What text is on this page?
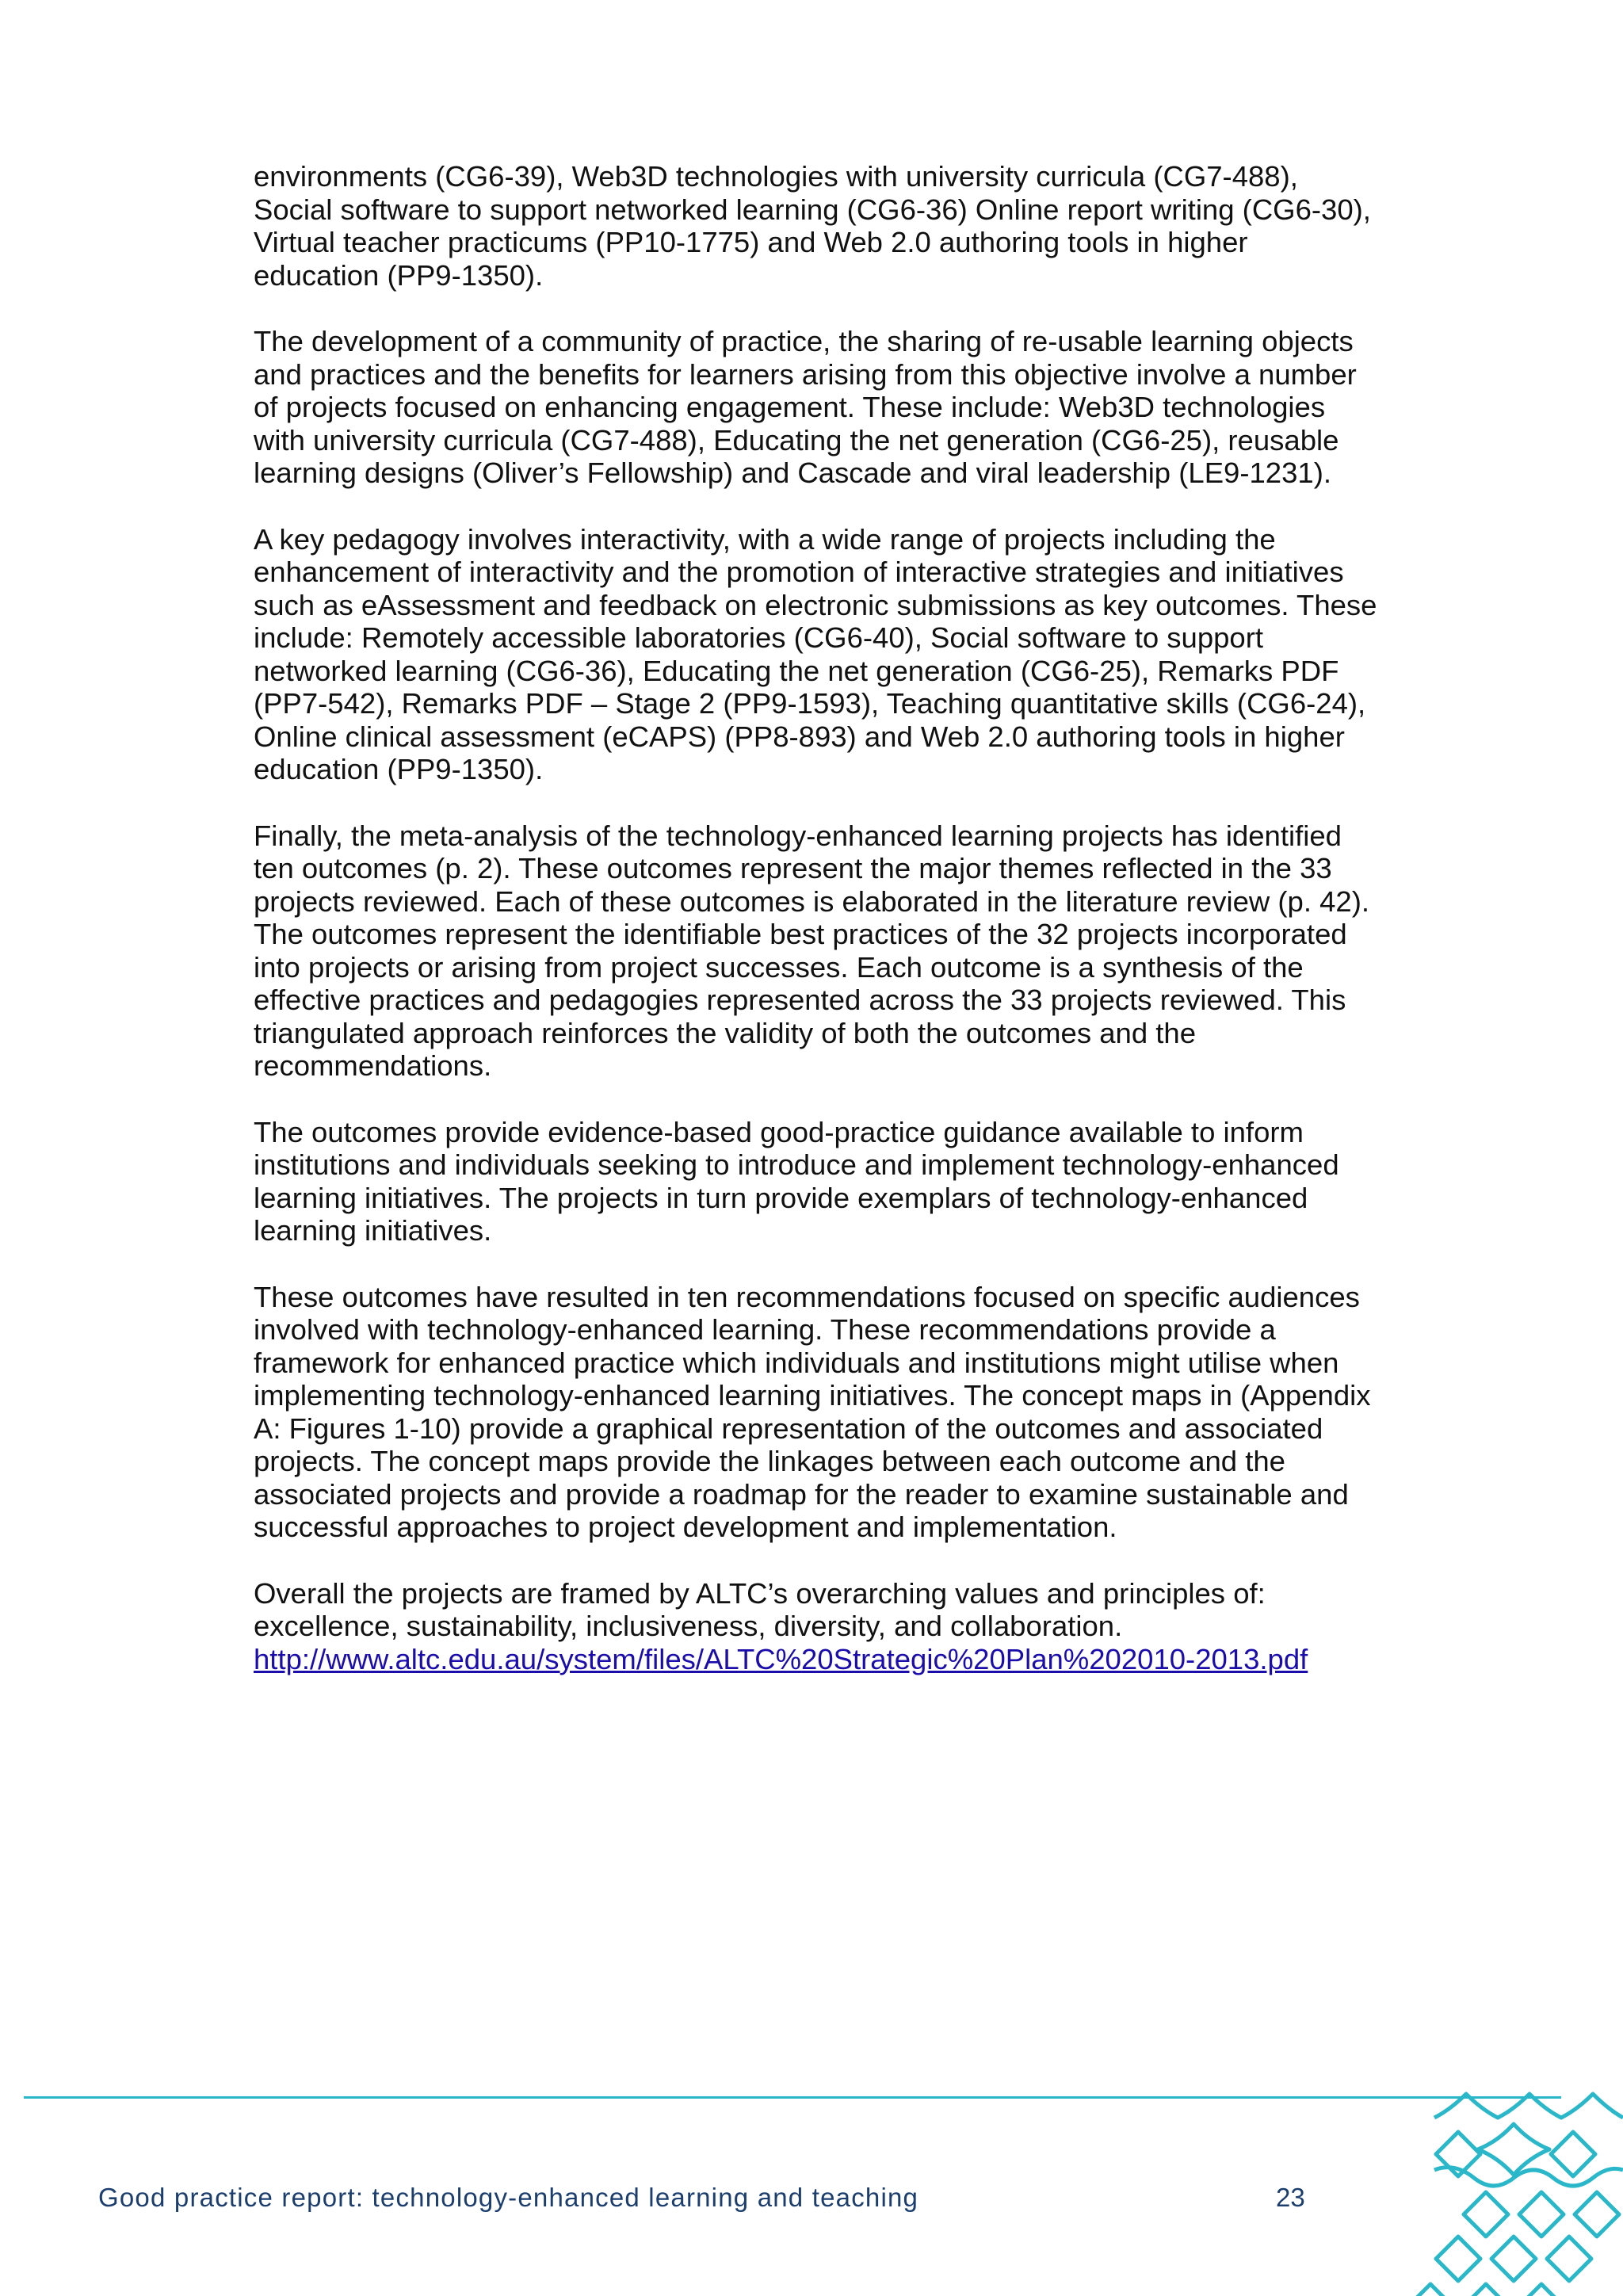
environments (CG6-39), Web3D technologies with university curricula (CG7-488), Social software to support networked learning (CG6-36) Online report writing (CG6-30), Virtual teacher practicums (PP10-1775) and Web 2.0 authoring tools in higher education (PP9-1350).

The development of a community of practice, the sharing of re-usable learning objects and practices and the benefits for learners arising from this objective involve a number of projects focused on enhancing engagement. These include: Web3D technologies with university curricula (CG7-488), Educating the net generation (CG6-25), reusable learning designs (Oliver’s Fellowship) and Cascade and viral leadership (LE9-1231).

A key pedagogy involves interactivity, with a wide range of projects including the enhancement of interactivity and the promotion of interactive strategies and initiatives such as eAssessment and feedback on electronic submissions as key outcomes. These include: Remotely accessible laboratories (CG6-40), Social software to support networked learning (CG6-36), Educating the net generation (CG6-25), Remarks PDF (PP7-542), Remarks PDF – Stage 2 (PP9-1593), Teaching quantitative skills (CG6-24), Online clinical assessment (eCAPS) (PP8-893) and Web 2.0 authoring tools in higher education (PP9-1350).

Finally, the meta-analysis of the technology-enhanced learning projects has identified ten outcomes (p. 2). These outcomes represent the major themes reflected in the 33 projects reviewed. Each of these outcomes is elaborated in the literature review (p. 42). The outcomes represent the identifiable best practices of the 32 projects incorporated into projects or arising from project successes. Each outcome is a synthesis of the effective practices and pedagogies represented across the 33 projects reviewed. This triangulated approach reinforces the validity of both the outcomes and the recommendations.

The outcomes provide evidence-based good-practice guidance available to inform institutions and individuals seeking to introduce and implement technology-enhanced learning initiatives. The projects in turn provide exemplars of technology-enhanced learning initiatives.

These outcomes have resulted in ten recommendations focused on specific audiences involved with technology-enhanced learning. These recommendations provide a framework for enhanced practice which individuals and institutions might utilise when implementing technology-enhanced learning initiatives. The concept maps in (Appendix A: Figures 1-10) provide a graphical representation of the outcomes and associated projects. The concept maps provide the linkages between each outcome and the associated projects and provide a roadmap for the reader to examine sustainable and successful approaches to project development and implementation.

Overall the projects are framed by ALTC’s overarching values and principles of: excellence, sustainability, inclusiveness, diversity, and collaboration.
http://www.altc.edu.au/system/files/ALTC%20Strategic%20Plan%202010-2013.pdf

Good practice report: technology-enhanced learning and teaching	23
